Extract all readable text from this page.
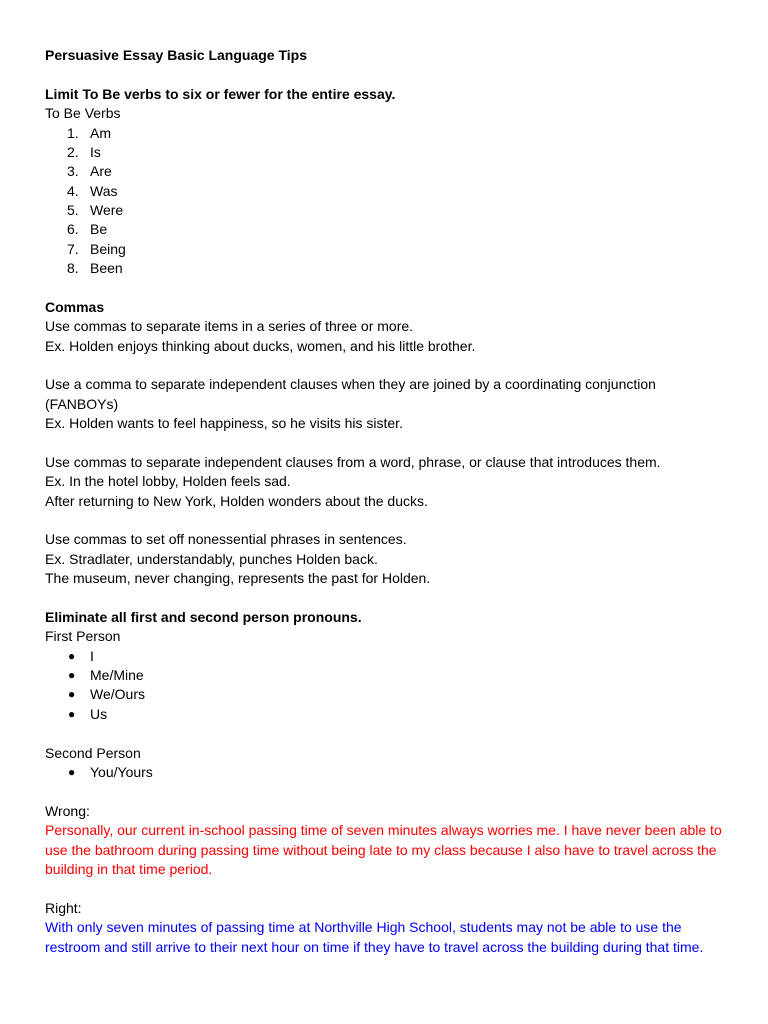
Persuasive Essay Basic Language Tips
Limit To Be verbs to six or fewer for the entire essay.
To Be Verbs
1. Am
2. Is
3. Are
4. Was
5. Were
6. Be
7. Being
8. Been
Commas
Use commas to separate items in a series of three or more.
Ex. Holden enjoys thinking about ducks, women, and his little brother.
Use a comma to separate independent clauses when they are joined by a coordinating conjunction
(FANBOYs)
Ex. Holden wants to feel happiness, so he visits his sister.
Use commas to separate independent clauses from a word, phrase, or clause that introduces them.
Ex. In the hotel lobby, Holden feels sad.
After returning to New York, Holden wonders about the ducks.
Use commas to set off nonessential phrases in sentences.
Ex. Stradlater, understandably, punches Holden back.
The museum, never changing, represents the past for Holden.
Eliminate all first and second person pronouns.
First Person
● I
● Me/Mine
● We/Ours
● Us
Second Person
● You/Yours
Wrong:
Personally, our current in-school passing time of seven minutes always worries me. I have never been able to
use the bathroom during passing time without being late to my class because I also have to travel across the
building in that time period.
Right:
With only seven minutes of passing time at Northville High School, students may not be able to use the
restroom and still arrive to their next hour on time if they have to travel across the building during that time.
